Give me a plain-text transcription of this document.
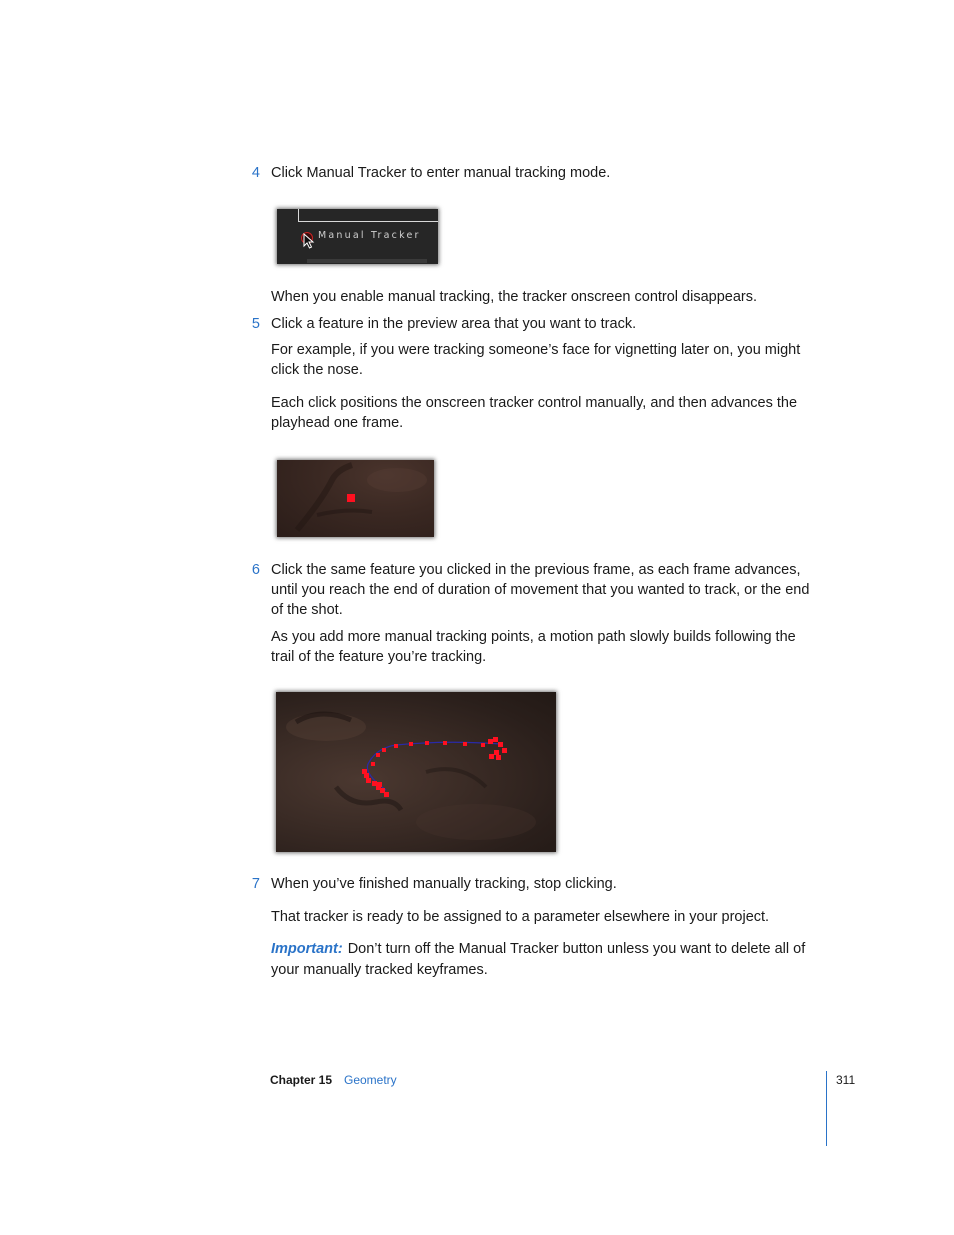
4 Click Manual Tracker to enter manual tracking mode.
Manual Tracker
When you enable manual tracking, the tracker onscreen control disappears.
5 Click a feature in the preview area that you want to track.
For example, if you were tracking someone’s face for vignetting later on, you might click the nose.
Each click positions the onscreen tracker control manually, and then advances the playhead one frame.
6 Click the same feature you clicked in the previous frame, as each frame advances, until you reach the end of duration of movement that you wanted to track, or the end of the shot.
As you add more manual tracking points, a motion path slowly builds following the trail of the feature you’re tracking.
7 When you’ve finished manually tracking, stop clicking.
That tracker is ready to be assigned to a parameter elsewhere in your project.
Important: Don’t turn off the Manual Tracker button unless you want to delete all of your manually tracked keyframes.
Chapter 15 Geometry	311
